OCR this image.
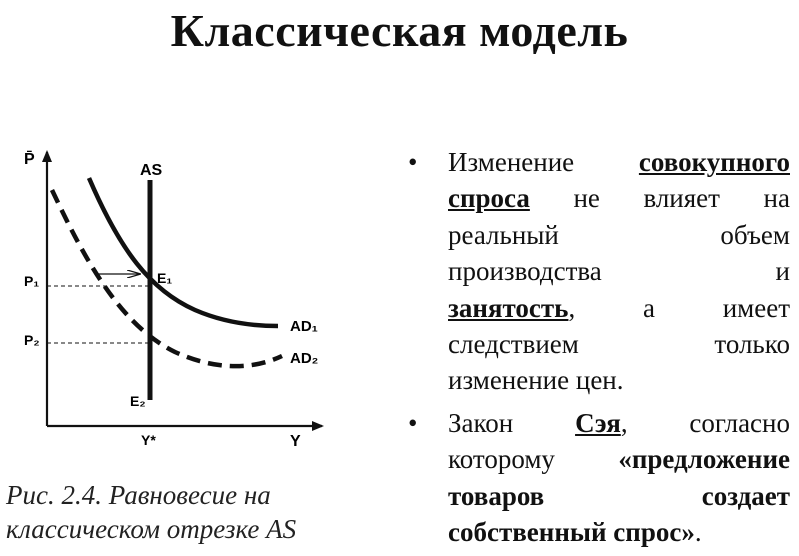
Классическая модель
P̄
Y
AS
P₁
P₂
E₁
E₂
AD₁
AD₂
Y*
Рис. 2.4. Равновесие на
классическом отрезке AS
• Изменение совокупного
спроса не влияет на
реальный	объем
производства	и
занятость,	а	имеет
следствием	только
изменение цен.
• Закон Сэя, согласно
которому «предложение
товаров	создает
собственный спрос».
